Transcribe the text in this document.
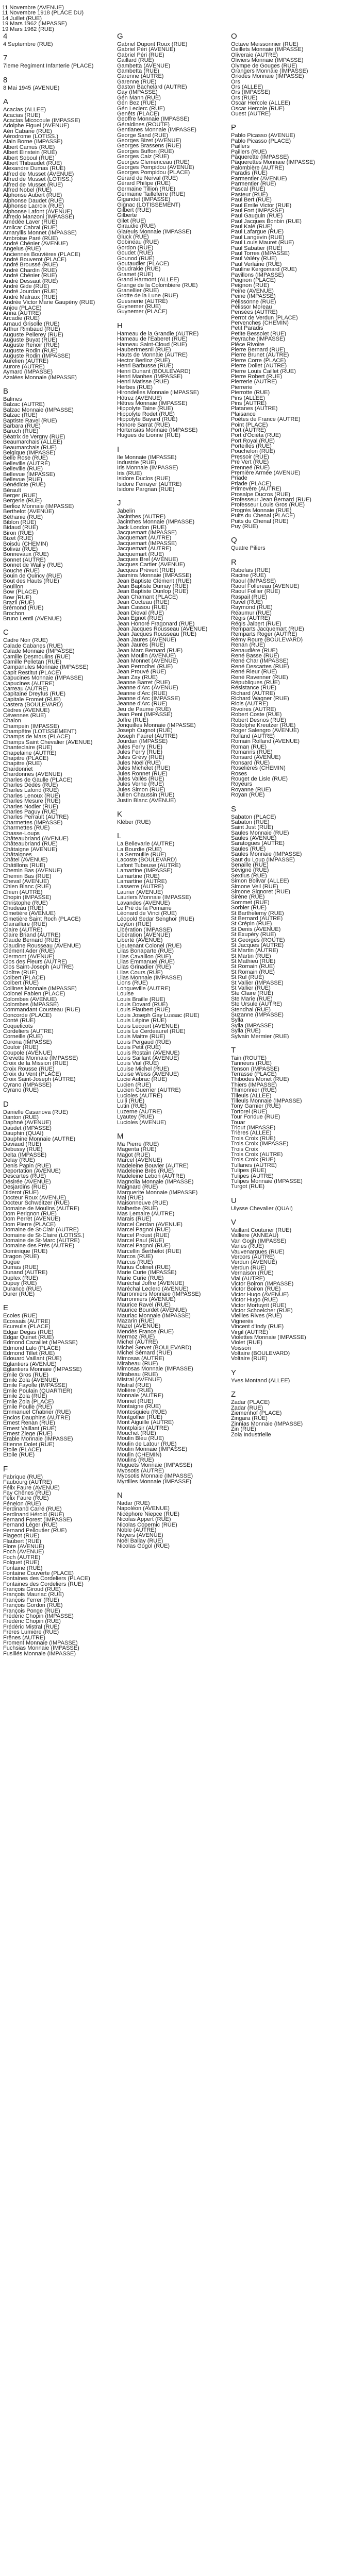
11 Novembre (AVENUE)
11 Novembre 1918 (PLACE DU)
14 Juillet (RUE)
19 Mars 1962 (IMPASSE)
19 Mars 1962 (RUE)
4
4 Septembre (RUE)
7
7ieme Regiment Infanterie (PLACE)
8
8 Mai 1945 (AVENUE)
A
Acacias (ALLEE)
Acacias (RUE)
Acacias Micocoule (IMPASSE)
Adolphe Figuel (AVENUE)
Aéri Cabane (RUE)
Aérodrome (LOTISS.)
Alain Borne (IMPASSE)
Albert Camus (RUE)
Albert Einstein (RUE)
Albert Soboul (RUE)
Albert Thibaudet (RUE)
Alexandre Dumas (RUE)
Alfred de Musset (AVENUE)
Alfred de Musset (LOTISS.)
Alfred de Musset (RUE)
Alfred Nobel (RUE)
Alphonse Aubert (RUE)
Alphonse Daudet (RUE)
Alphonse Lacroix (RUE)
Alphonse Lafont (AVENUE)
Alfredo Manzoni (IMPASSE)
Amédée Laver (RUE)
Amilcar Cabral (RUE)
Amaryllis Monnet (IMPASSE)
Ambroise Paré (RUE)
André Chénier (AVENUE)
Angelus (RUE)
Anciennes Bouvières (PLACE)
André Bouverot (PLACE)
André Broussé (RUE)
André Chardin (RUE)
André Chénier (RUE)
André Dessaut (RUE)
André Gide (RUE)
André Jourdan (RUE)
André Malraux (RUE)
Andrée Victor Marie Gaupény (RUE)
Anjou (PLACE)
Anna (AUTRE)
Arcadie (RUE)
Arnaud Grisolle (RUE)
Arthur Rimbaud (RUE)
Auguste Pellerey (RUE)
Auguste Buyat (RUE)
Auguste Renoir (RUE)
Auguste Rodin (RUE)
Auguste Rodin (IMPASSE)
Aurelien (AUTRE)
Aurore (AUTRE)
Aymard (IMPASSE)
Azalées Monnaie (IMPASSE)
B
Balmes
Balzac (AUTRE)
Balzac Monnaie (IMPASSE)
Balzac (RUE)
Baptiste Ravel (RUE)
Barbara (RUE)
Baruch (RUE)
Béatrix de Vergny (RUE)
Beaumarchais (ALLEE)
Beaumarchais (RUE)
Belgique (IMPASSE)
Belle Rose (RUE)
Belleville (AUTRE)
Belleville (RUE)
Bellevue (IMPASSE)
Bellevue (RUE)
Bénédicte (RUE)
Bérault
Berger (RUE)
Bergerie (RUE)
Berlioz Monnaie (IMPASSE)
Berthelot (AVENUE)
Béthanie (RUE)
Biblon (RUE)
Bidaud (RUE)
Biron (RUE)
Bizet (RUE)
Boisdu (CHEMIN)
Bolivar (RUE)
Bonnevaux (RUE)
Bonnet (AUTRE)
Bonnet de Wailly (RUE)
Bouche (RUE)
Bouin de Quincy (RUE)
Bout des Hauts (RUE)
Bouillon
Bow (PLACE)
Bow (RUE)
Brazil (RUE)
Brémond (RUE)
Brochon
Bruno Lentil (AVENUE)
C
Cadre Noir (RUE)
Calade Cabanes (RUE)
Calade Monnaie (IMPASSE)
Camille Desmoulins (RUE)
Camille Pelletan (RUE)
Campanules Monnaie (IMPASSE)
Capit Restitut (PLACE)
Capucines Monnaie (IMPASSE)
Capucines (AUTRE)
Carreau (AUTRE)
Capitaine Dreyfus (RUE)
Capitale Fromet (RUE)
Castera (BOULEVARD)
Cèdres (AVENUE)
Cévennes (RUE)
Chalon
Champein (IMPASSE)
Champêtre (LOTISSEMENT)
Champs de Mars (PLACE)
Champs Saint Chevalier (AVENUE)
Chanteclaire (RUE)
Chapelaine (AUTRE)
Chapitre (PLACE)
Chapitre (RUE)
Chardonnet
Chardonnes (AVENUE)
Charles de Gaulle (PLACE)
Charles Dédès (RUE)
Charles Lafond (RUE)
Charles Lenoux (RUE)
Charles Mesure (RUE)
Charles Nodier (RUE)
Charles Paguy (RUE)
Charles Perrault (AUTRE)
Charmettes (IMPASSE)
Charmettes (RUE)
Chasse-Loups
Châteaubriand (AVENUE)
Châteaubriand (RUE)
Châtaigne (AVENUE)
Châtaignes
Châtel (AVENUE)
Châtillons (RUE)
Chemin Bas (AVENUE)
Chemin Bas (RUE)
Cheval (AVENUE)
Chien Blanc (RUE)
Chien (AUTRE)
Chopin (IMPASSE)
Christophe (RUE)
Chudeau (RUE)
Cimetière (AVENUE)
Cimetière Saint Roch (PLACE)
Clairaillure (RUE)
Claire (AUTRE)
Claire Briand (AUTRE)
Claude Bernard (RUE)
Claudine Rousseau (AVENUE)
Clément Ader (RUE)
Clermont (AVENUE)
Clos des Fleurs (AUTRE)
Clos Saint-Joseph (AUTRE)
Cloître (RUE)
Colbert (PLACE)
Colbert (RUE)
Collines Monnaie (IMPASSE)
Colonel Fabien (PLACE)
Colombes (AVENUE)
Colombes (IMPASSE)
Commandant Cousteau (RUE)
Concorde (PLACE)
Conté (RUE)
Coquelicots
Cordeliers (AUTRE)
Corneille (RUE)
Corona (IMPASSE)
Couloir (RUE)
Coupole (AVENUE)
Crevette Monnaie (IMPASSE)
Croix de la Mission (RUE)
Croix Rousse (RUE)
Croix du Vent (PLACE)
Croix Saint-Joseph (AUTRE)
Cyrano (IMPASSE)
Cyrano (RUE)
D
Danielle Casanova (RUE)
Danton (RUE)
Daphné (AVENUE)
Daudet (IMPASSE)
Dauphin (QUAI)
Dauphine Monnaie (AUTRE)
Daviaud (RUE)
Debussy (RUE)
Delta (IMPASSE)
Delay (RUE)
Denis Papin (RUE)
Deportation (AVENUE)
Descartes (RUE)
Désirée (AVENUE)
Desjardins (RUE)
Diderot (RUE)
Docteur Roux (AVENUE)
Docteur Schweitzer (RUE)
Domaine de Moulins (AUTRE)
Dom Perignon (RUE)
Dom Perret (AVENUE)
Dom Pierre (PLACE)
Domaine de St-Clair (AUTRE)
Domaine de St-Claire (LOTISS.)
Domaine de St-Marc (AUTRE)
Domaine des Prés (AUTRE)
Dominique (RUE)
Dragon (RUE)
Dugue
Dumas (RUE)
Dunand (AUTRE)
Duplex (RUE)
Dupuy (RUE)
Durance (RUE)
Durer (RUE)
E
Ecoles (RUE)
Écossais (AUTRE)
Écureuils (PLACE)
Edgar Degas (RUE)
Edgar Quinet (RUE)
Edmond Cazaillet (IMPASSE)
Edmond Lalo (PLACE)
Edmond Tillet (RUE)
Edouard Vaillant (RUE)
Eglantiers (AVENUE)
Eglantiers Monnaie (IMPASSE)
Emile Gros (RUE)
Emile Zola (AVENUE)
Emile Fayolle (IMPASSE)
Emile Poulain (QUARTIER)
Emile Zola (RUE)
Emile Zola (PLACE)
Emile Poulle (RUE)
Emmanuel Chabrier (RUE)
Enclos Dauphins (AUTRE)
Ernest Renan (RUE)
Ernest Vaillant (RUE)
Ernest Ziege (RUE)
Erable Monnaie (IMPASSE)
Etienne Dolet (RUE)
Etoile (PLACE)
Etoile (RUE)
F
Fabrique (RUE)
Faubourg (AUTRE)
Félix Faure (AVENUE)
Fay Chênes (RUE)
Félix Faure (RUE)
Fénelon (RUE)
Ferdinand Carré (RUE)
Ferdinand Hérold (RUE)
Fernand Forest (IMPASSE)
Fernand Léger (RUE)
Fernand Pelloutier (RUE)
Flageot (RUE)
Flaubert (RUE)
Flore (AVENUE)
Foch (AVENUE)
Foch (AUTRE)
Folquet (RUE)
Fontaine (RUE)
Fontaine Couverte (PLACE)
Fontaines des Cordeliers (PLACE)
Fontaines des Cordeliers (RUE)
François Giroud (RUE)
François Mauriac (RUE)
François Ferrer (RUE)
François Gordon (RUE)
François Ponge (RUE)
Frédéric Chopin (IMPASSE)
Frédéric Chopin (RUE)
Frédéric Mistral (RUE)
Frères Lumière (RUE)
Frênes (AUTRE)
Froment Monnaie (IMPASSE)
Fuchsias Monnaie (IMPASSE)
Fusillés Monnaie (IMPASSE)
G
Gabriel Dupont Roux (RUE)
Gabriel Péri (AVENUE)
Gabriel Péri (RUE)
Gaillard (RUE)
Gambetta (AVENUE)
Gambetta (RUE)
Garenne (AUTRE)
Garenne (RUE)
Gaston Bachelard (AUTRE)
Gay (IMPASSE)
Gén Mann (RUE)
Gén Bez (RUE)
Gén Leclerc (RUE)
Genêts (PLACE)
Geoffre Monnaie (IMPASSE)
Géraldines (ROUTE)
Gentianes Monnaie (IMPASSE)
George Sand (RUE)
Georges Bizet (AVENUE)
Georges Brassens (RUE)
Georges Buffon (RUE)
Georges Caiz (RUE)
Georges Clemenceau (RUE)
Georges Pompidou (AVENUE)
Georges Pompidou (PLACE)
Gérard de Nerval (RUE)
Gérard Philipe (RUE)
Germaine Tillion (RUE)
Germaine Tailleferre (RUE)
Gigandet (IMPASSE)
Gignac (LOTISSEMENT)
Gilbert (RUE)
Gilberte
Gilet (RUE)
Giraudie (RUE)
Glaïeuls Monnaie (IMPASSE)
Gluck (RUE)
Gobineau (RUE)
Gordon (RUE)
Goudet (RUE)
Gounod (RUE)
Goutaudier (PLACE)
Goudrakie (RUE)
Gramet (RUE)
Grand Harmont (ALLEE)
Grange de la Colombiere (RUE)
Granellier (RUE)
Grotte de la Lune (RUE)
Guesnerie (AUTRE)
Guynemer (RUE)
Guynemer (PLACE)
H
Hameau de la Grandie (AUTRE)
Hameau de l'Eaberet (RUE)
Hameau Saint-Cloud (RUE)
Haubertmesnil (RUE)
Hauts de Monnaie (AUTRE)
Hector Berlioz (RUE)
Henri Barbusse (RUE)
Henri Dunant (BOULEVARD)
Henri Manhes (IMPASSE)
Henri Matisse (RUE)
Herbes (RUE)
Hirondelles Monnaie (IMPASSE)
Hôtrez (AVENUE)
Hêtres Monnaie (IMPASSE)
Hippolyte Taine (RUE)
Hippolyte Rodet (RUE)
Hippolyte Bayard (RUE)
Honore Sarrat (RUE)
Hortensias Monnaie (IMPASSE)
Hugues de Lionne (RUE)
I
Ile Monnaie (IMPASSE)
Industrie (RUE)
Iris Monnaie (IMPASSE)
Iris (RUE)
Isidore Duclos (RUE)
Isidore Ferrayer (AUTRE)
Isidore Pargnan (RUE)
J
Jabelin
Jacinthes (AUTRE)
Jacinthes Monnaie (IMPASSE)
Jack London (RUE)
Jacquemart (IMPASSE)
Jacquemart (AUTRE)
Jacquemart (IMPASSE)
Jacquemart (AUTRE)
Jacquemart (RUE)
Jacques Brel (AVENUE)
Jacques Cartier (AVENUE)
Jacques Prévert (RUE)
Jasmins Monnaie (IMPASSE)
Jean Baptiste Clément (RUE)
Jean Baptiste Dumay (RUE)
Jean Baptiste Dunlop (RUE)
Jean Chamant (PLACE)
Jean Cocteau (RUE)
Jean Cassou (RUE)
Jean Dieval (RUE)
Jean Egnot (RUE)
Jean Honoré Fragonard (RUE)
Jean Jacques Rousseau (AVENUE)
Jean Jacques Rousseau (RUE)
Jean Jaures (AVENUE)
Jean Jaurès (RUE)
Jean Marc Bernard (RUE)
Jean Moulin (AVENUE)
Jean Monnet (AVENUE)
Jean Perrodhel (RUE)
Jean Prouvé (RUE)
Jean Zay (RUE)
Jeanne Barret (RUE)
Jeanne d'Arc (AVENUE)
Jeanne d'Arc (RUE)
Jeanne d'Arc (IMPASSE)
Jeanne d'Arc (RUE)
Jeu de Paume (RUE)
Jean Peni (IMPASSE)
Joffre (RUE)
Jonquilles Monnaie (IMPASSE)
Joseph Cugnot (RUE)
Joseph Faurel (AUTRE)
Jourdan (IMPASSE)
Jules Ferry (RUE)
Jules Ferry (RUE)
Jules Grévy (RUE)
Jules Noël (RUE)
Jules Michelet (RUE)
Jules Ronnet (RUE)
Jules Vallès (RUE)
Jules Verne (RUE)
Jules Simon (RUE)
Julien Chaussin (RUE)
Justin Blanc (AVENUE)
K
Kléber (RUE)
L
La Bellevarie (AUTRE)
La Bourdie (RUE)
La Serrouille (RUE)
Lacoste (BOULEVARD)
Lafont Tubeuse (AUTRE)
Lamartine (IMPASSE)
Lamartine (RUE)
Lamartine (AUTRE)
Lasserre (AUTRE)
Laurier (AVENUE)
Lauriers Monnaie (IMPASSE)
Lavandes (AVENUE)
Le Pré de la Pomaine
Léonard de Vinci (RUE)
Léopold Sedar Senghor (RUE)
Leyton (RUE)
Libération (IMPASSE)
Libération (AVENUE)
Liberté (AVENUE)
Lieutenant Colonel (RUE)
Lilas Bonaparte (RUE)
Lilas Cavaillon (RUE)
Lilas Emmanuel (RUE)
Lilas Grinadier (RUE)
Lilas Cours (RUE)
Lilas Monnaie (IMPASSE)
Lions (RUE)
Longueville (AUTRE)
Louise
Louis Braille (RUE)
Louis Dovard (RUE)
Louis Flaubert (RUE)
Louis Joseph Gay Lussac (RUE)
Louis Lépine (RUE)
Louis Lecourt (AVENUE)
Louis Le Cerdeaurel (RUE)
Louis Maitre (RUE)
Louis Pergaud (RUE)
Louis Petit (RUE)
Louis Rostain (AVENUE)
Louis Saillant (AVENUE)
Louis Vial (RUE)
Louise Michel (RUE)
Louise Weiss (AVENUE)
Lucie Aubrac (RUE)
Lucien (RUE)
Lucien Guerrier (AUTRE)
Lucioles (AUTRE)
Lulli (RUE)
Lutin (RUE)
Luzerne (AUTRE)
Lyautey (RUE)
Lucioles (AVENUE)
M
Ma Pierre (RUE)
Magenta (RUE)
Magot (RUE)
Marcel (AVENUE)
Madeleine Bouvier (AUTRE)
Madeleine Brès (RUE)
Madeleine Lebon (AUTRE)
Magnolia Monnaie (IMPASSE)
Maignard (RUE)
Marguerite Monnaie (IMPASSE)
Mai (RUE)
Maisonneuve (RUE)
Malherbe (RUE)
Mas Lemaire (AUTRE)
Marais (RUE)
Marcel Cerdan (AVENUE)
Marcel Pagnol (RUE)
Marcel Proust (RUE)
Marcel Paul (RUE)
Marcel Pagnol (RUE)
Marcellin Berthelot (RUE)
Marcos (RUE)
Marcus (RUE)
Marius Colinet (RUE)
Marie Curie (IMPASSE)
Marie Curie (RUE)
Maréchal Joffre (AVENUE)
Maréchal Leclerc (AVENUE)
Marronniers Monnaie (IMPASSE)
Marronniers (AVENUE)
Maurice Ravel (RUE)
Maurice Bourdet (AVENUE)
Mauriac Monnaie (IMPASSE)
Mazarin (RUE)
Mazel (AVENUE)
Mendès France (RUE)
Mermoz (RUE)
Michel (AUTRE)
Michel Servet (BOULEVARD)
Michel Sémard (RUE)
Mimosas (AUTRE)
Mirabeau (RUE)
Mimosas Monnaie (IMPASSE)
Mirabeau (RUE)
Mistral (AVENUE)
Mistral (RUE)
Molière (RUE)
Monnaie (AUTRE)
Monnet (RUE)
Montaigne (RUE)
Montesquieu (RUE)
Montgolfier (RUE)
Mont Aiguille (AUTRE)
Montplaisir (AUTRE)
Mouchet (RUE)
Moulin Bleu (RUE)
Moulin de Latour (RUE)
Moulin Monnaie (IMPASSE)
Moulin (CHEMIN)
Moulins (RUE)
Muguets Monnaie (IMPASSE)
Myosotis (AUTRE)
Myosotis Monnaie (IMPASSE)
Myrtilles Monnaie (IMPASSE)
N
Nadar (RUE)
Napoléon (AVENUE)
Nicéphore Niepce (RUE)
Nicolas Appert (RUE)
Nicolas Copernic (RUE)
Noble (AUTRE)
Noyers (AVENUE)
Noël Ballay (RUE)
Nicolas Gogol (RUE)
O
Octave Meissonnier (RUE)
Oeillets Monnaie (IMPASSE)
Oliveraie (AUTRE)
Oliviers Monnaie (IMPASSE)
Olympe de Gouges (RUE)
Orangers Monnaie (IMPASSE)
Orkides Monnaie (IMPASSE)
Ors
Ors (ALLEE)
Ors (IMPASSE)
Ors (RUE)
Oscar Hercole (ALLEE)
Oscar Hercole (RUE)
Ouest (AUTRE)
P
Pablo Picasso (AVENUE)
Pablo Picasso (PLACE)
Paillers
Paillers (RUE)
Pâquerette (IMPASSE)
Pâquerettes Monnaie (IMPASSE)
Palombière (AUTRE)
Paradis (RUE)
Parmentier (AVENUE)
Parmentier (RUE)
Pascal (RUE)
Pasteur (RUE)
Paul Bert (RUE)
Paul Emile Victor (RUE)
Paul Fort (IMPASSE)
Paul Gauguin (RUE)
Paul Jacques Bonbin (RUE)
Paul Kalé (RUE)
Paul Lafargue (RUE)
Paul Langevin (RUE)
Paul Louis Mauret (RUE)
Paul Sabatier (RUE)
Paul Torres (IMPASSE)
Paul Valéry (RUE)
Paul Verlaine (RUE)
Pauline Kergomard (RUE)
Pavillons (IMPASSE)
Peignon (PLACE)
Peignon (RUE)
Peine (AVENUE)
Peine (IMPASSE)
Pélissonne (RUE)
Pélissor Moreau
Pensées (AUTRE)
Perrot de Verdun (PLACE)
Pervenches (CHEMIN)
Petit Paradis
Petite Bessolet (RUE)
Peyrache (IMPASSE)
Pièce Rivoire
Pierre Bernard (RUE)
Pierre Brunet (AUTRE)
Pierre Corre (PLACE)
Pierre Dollet (AUTRE)
Pierre Louis Caillet (RUE)
Pierre Robert (RUE)
Pierrerie (AUTRE)
Pierrerie
Pierrotte (RUE)
Pins (ALLEE)
Pins (AUTRE)
Platanes (AUTRE)
Plaisance
Poètes de France (AUTRE)
Point (PLACE)
Port (AUTRE)
Port d'Ociéta (RUE)
Port Royal (RUE)
Porteilles (RUE)
Pouchelon (RUE)
Pressoir (RUE)
Pré Vert (RUE)
Prenneé (RUE)
Première Armée (AVENUE)
Priade
Priade (PLACE)
Primevère (AUTRE)
Prosalpe Ducros (RUE)
Professeur Jean Bernard (RUE)
Professeur Louis Gros (RUE)
Progrès Monnaie (RUE)
Puits du Chenal (PLACE)
Puits du Chenal (RUE)
Puy (RUE)
Q
Quatre Piliers
R
Rabelais (RUE)
Racine (RUE)
Raoul (IMPASSE)
Raoul Follereau (AVENUE)
Raoul Follier (RUE)
Raspail (RUE)
Ravel (RUE)
Raymond (RUE)
Réaumur (RUE)
Régis (AUTRE)
Régis Jalbert (RUE)
Remparts Jacquemart (RUE)
Remparts Roger (AUTRE)
Rémy Roure (BOULEVARD)
Renan (RUE)
Renaudière (RUE)
René Basse (RUE)
René Char (IMPASSE)
René Descartes (RUE)
René Rieur (RUE)
René Ravenner (RUE)
Républiques (RUE)
Résistance (RUE)
Richard (AUTRE)
Richard Wagner (RUE)
Riols (AUTRE)
Rivoires (AUTRE)
Robert Coste (RUE)
Robert Desnos (RUE)
Rodolphe Kreutzer (RUE)
Roger Salengro (AVENUE)
Rolland (AUTRE)
Romain Rolland (AVENUE)
Roman (RUE)
Romarins (RUE)
Ronsard (AVENUE)
Ronsard (RUE)
Roselières (CHEMIN)
Roses
Rouget de Lisle (RUE)
Royeurs
Royanne (RUE)
Royan (RUE)
S
Sabaton (PLACE)
Sabaton (RUE)
Saint Just (RUE)
Saules Monnaie (RUE)
Saules (AVENUE)
Saratogues (AUTRE)
Saules (RUE)
Saules Monnaie (IMPASSE)
Saut du Loup (IMPASSE)
Senaille (RUE)
Sévigné (RUE)
Sextius (RUE)
Simon Bolivar (ALLEE)
Simone Veil (RUE)
Simone Signoret (RUE)
Sirène (RUE)
Sommet (RUE)
Sorbier (RUE)
St Barthelemy (RUE)
St Bernard (AUTRE)
St Crépin (RUE)
St Denis (AVENUE)
St Exupéry (RUE)
St Georges (ROUTE)
St Jacques (AUTRE)
St Martin (AUTRE)
St Martin (RUE)
St Mathieu (RUE)
St Romain (RUE)
St Romain (RUE)
St Ruf (RUE)
St Vallier (IMPASSE)
St Vallier (RUE)
Ste Claire (RUE)
Ste Marie (RUE)
Ste Ursule (AUTRE)
Stendhal (RUE)
Suzanne (IMPASSE)
Sylla
Sylla (IMPASSE)
Sylla (RUE)
Sylvain Mermier (RUE)
T
Tain (ROUTE)
Tanneurs (RUE)
Tenson (IMPASSE)
Terrasse (PLACE)
Thibodes Monet (RUE)
Thiers (IMPASSE)
Thimonnier (RUE)
Tilleuls (ALLEE)
Tilleuls Monnaie (IMPASSE)
Tony Garnier (RUE)
Tortorel (RUE)
Tour Fondue (RUE)
Touar
Triout (IMPASSE)
Trières (ALLEE)
Trois Croix (RUE)
Trois Croix (IMPASSE)
Trois Croix
Trois Croix (AUTRE)
Trois Croix (RUE)
Tullanes (AUTRE)
Tulipes (RUE)
Tulipes (AUTRE)
Tulipes Monnaie (IMPASSE)
Turgot (RUE)
U
Ulysse Chevalier (QUAI)
V
Vaillant Couturier (RUE)
Valliere (ANNEAU)
Van Gogh (IMPASSE)
Vanes (RUE)
Vauvenargues (RUE)
Vercors (AUTRE)
Verdun (AVENUE)
Verdun (RUE)
Vernaison (RUE)
Vial (AUTRE)
Victor Boiron (IMPASSE)
Victor Boiron (RUE)
Victor Hugo (AVENUE)
Victor Hugo (RUE)
Victor Mortuyrit (RUE)
Victor Schoelcher (RUE)
Vieilles Rives (RUE)
Vignerés
Vincent d'Indy (RUE)
Virgil (AUTRE)
Violettes Monnaie (IMPASSE)
Violet (RUE)
Voisson
Voltaire (BOULEVARD)
Voltaire (RUE)
Y
Yves Montand (ALLEE)
Z
Zadar (PLACE)
Zadar (RUE)
Ziemenhof (PLACE)
Zingara (RUE)
Zinnias Monnaie (IMPASSE)
Zin (RUE)
Zola Industrielle
